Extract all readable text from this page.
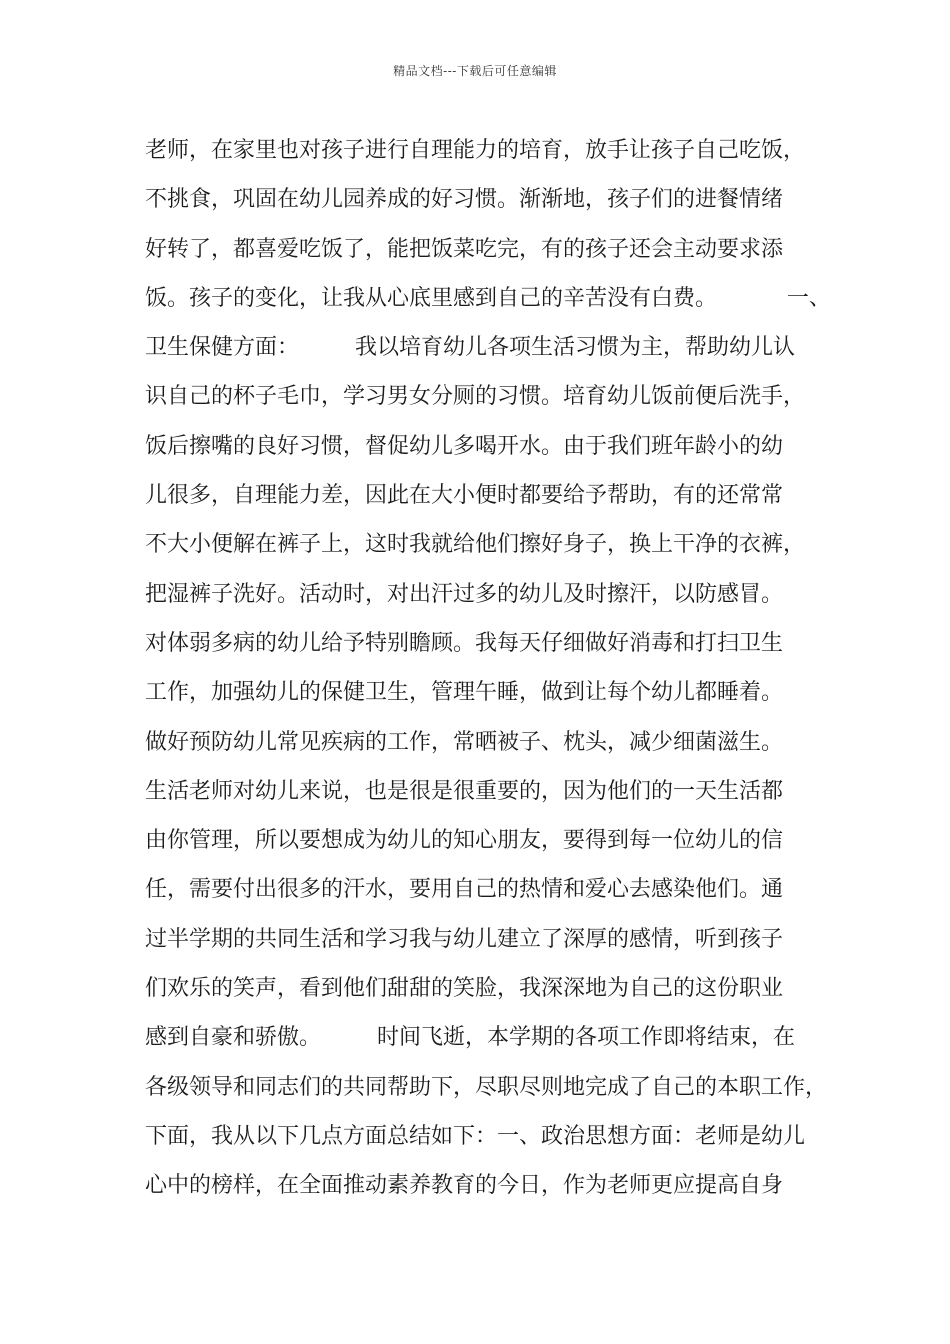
精品文档---下载后可任意编辑
老师，在家里也对孩子进行自理能力的培育，放手让孩子自己吃饭，
不挑食，巩固在幼儿园养成的好习惯。渐渐地，孩子们的进餐情绪
好转了，都喜爱吃饭了，能把饭菜吃完，有的孩子还会主动要求添
饭。孩子的变化，让我从心底里感到自己的辛苦没有白费。          一、
卫生保健方面：        我以培育幼儿各项生活习惯为主，帮助幼儿认
识自己的杯子毛巾，学习男女分厕的习惯。培育幼儿饭前便后洗手，
饭后擦嘴的良好习惯，督促幼儿多喝开水。由于我们班年龄小的幼
儿很多，自理能力差，因此在大小便时都要给予帮助，有的还常常
不大小便解在裤子上，这时我就给他们擦好身子，换上干净的衣裤，
把湿裤子洗好。活动时，对出汗过多的幼儿及时擦汗，以防感冒。
对体弱多病的幼儿给予特别瞻顾。我每天仔细做好消毒和打扫卫生
工作，加强幼儿的保健卫生，管理午睡，做到让每个幼儿都睡着。
做好预防幼儿常见疾病的工作，常晒被子、枕头，减少细菌滋生。
生活老师对幼儿来说，也是很是很重要的，因为他们的一天生活都
由你管理，所以要想成为幼儿的知心朋友，要得到每一位幼儿的信
任，需要付出很多的汗水，要用自己的热情和爱心去感染他们。通
过半学期的共同生活和学习我与幼儿建立了深厚的感情，听到孩子
们欢乐的笑声，看到他们甜甜的笑脸，我深深地为自己的这份职业
感到自豪和骄傲。        时间飞逝，本学期的各项工作即将结束，在
各级领导和同志们的共同帮助下，尽职尽则地完成了自己的本职工作，
下面，我从以下几点方面总结如下：一、政治思想方面：老师是幼儿
心中的榜样，在全面推动素养教育的今日，作为老师更应提高自身
